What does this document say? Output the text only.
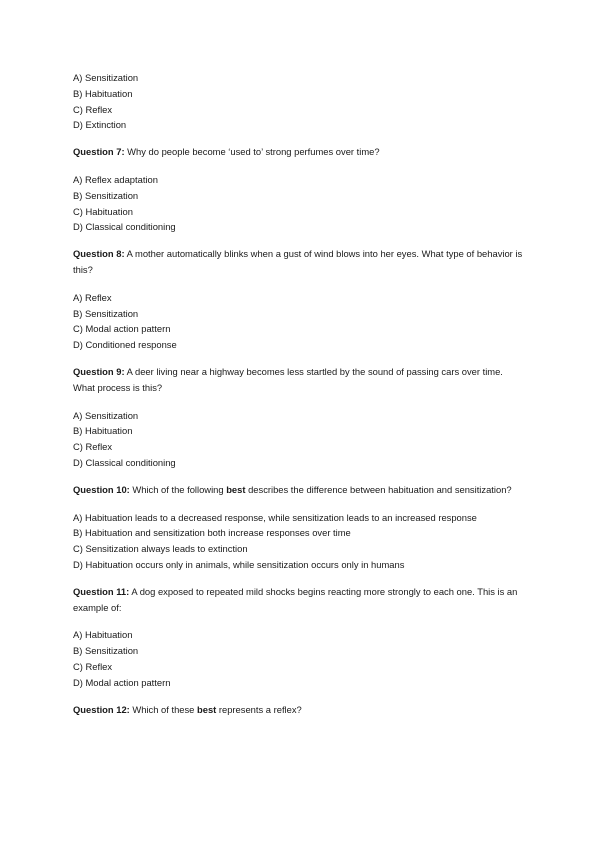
A) Sensitization

B) Habituation

C) Reflex

D) Extinction

Question 7: Why do people become ‘used to’ strong perfumes over time?

A) Reflex adaptation

B) Sensitization

C) Habituation

D) Classical conditioning

Question 8: A mother automatically blinks when a gust of wind blows into her eyes. What type of behavior is this?

A) Reflex

B) Sensitization

C) Modal action pattern

D) Conditioned response

Question 9: A deer living near a highway becomes less startled by the sound of passing cars over time. What process is this?

A) Sensitization

B) Habituation

C) Reflex

D) Classical conditioning

Question 10: Which of the following best describes the difference between habituation and sensitization?

A) Habituation leads to a decreased response, while sensitization leads to an increased response

B) Habituation and sensitization both increase responses over time

C) Sensitization always leads to extinction

D) Habituation occurs only in animals, while sensitization occurs only in humans

Question 11: A dog exposed to repeated mild shocks begins reacting more strongly to each one. This is an example of:

A) Habituation

B) Sensitization

C) Reflex

D) Modal action pattern

Question 12: Which of these best represents a reflex?
